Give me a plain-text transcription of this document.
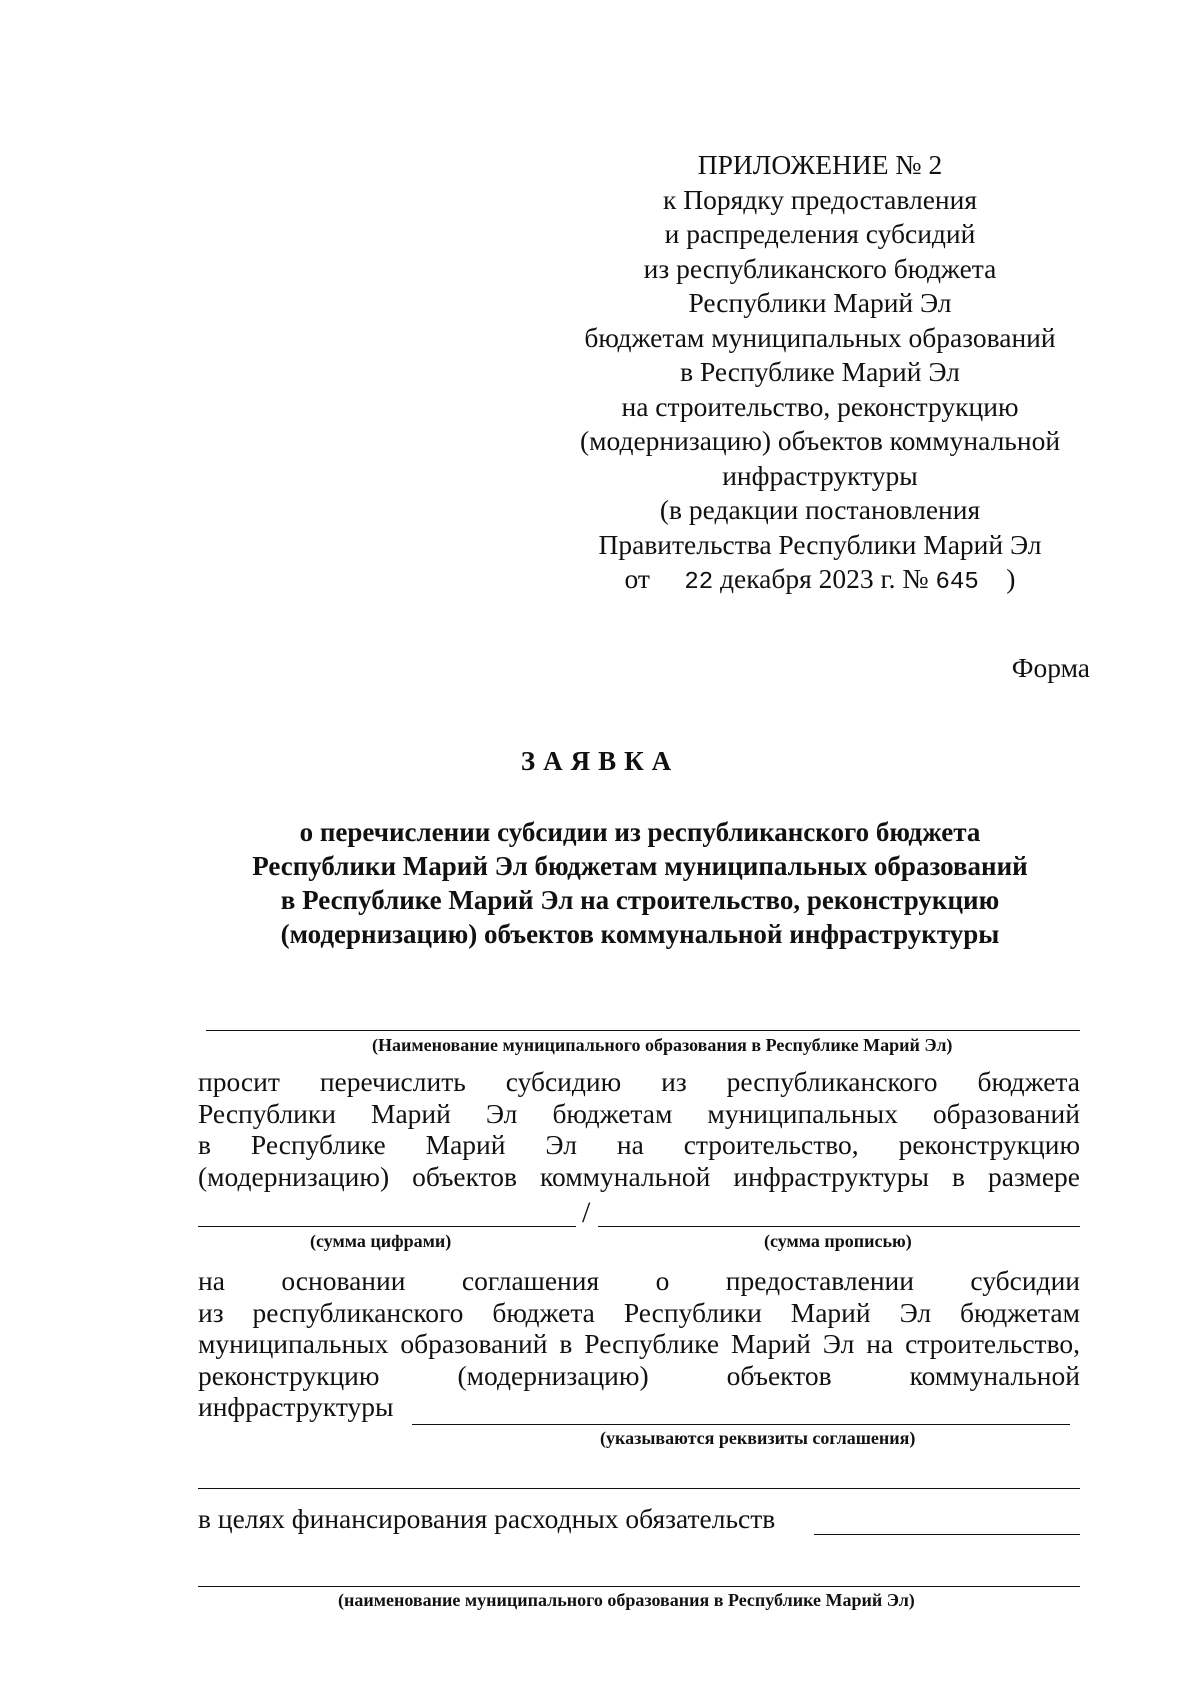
ПРИЛОЖЕНИЕ № 2
к Порядку предоставления
и распределения субсидий
из республиканского бюджета
Республики Марий Эл
бюджетам муниципальных образований
в Республике Марий Эл
на строительство, реконструкцию
(модернизацию) объектов коммунальной
инфраструктуры
(в редакции постановления
Правительства Республики Марий Эл
от 22 декабря 2023 г. № 645 )
Форма
ЗАЯВКА
о перечислении субсидии из республиканского бюджета
Республики Марий Эл бюджетам муниципальных образований
в Республике Марий Эл на строительство, реконструкцию
(модернизацию) объектов коммунальной инфраструктуры
(Наименование муниципального образования в Республике Марий Эл)
просит перечислить субсидию из республиканского бюджета
Республики Марий Эл бюджетам муниципальных образований
в Республике Марий Эл на строительство, реконструкцию
(модернизацию) объектов коммунальной инфраструктуры в размере
/
(сумма цифрами)	(сумма прописью)
на основании соглашения о предоставлении субсидии
из республиканского бюджета Республики Марий Эл бюджетам
муниципальных образований в Республике Марий Эл на строительство,
реконструкцию (модернизацию) объектов коммунальной
инфраструктуры
(указываются реквизиты соглашения)
в целях финансирования расходных обязательств
(наименование муниципального образования в Республике Марий Эл)
